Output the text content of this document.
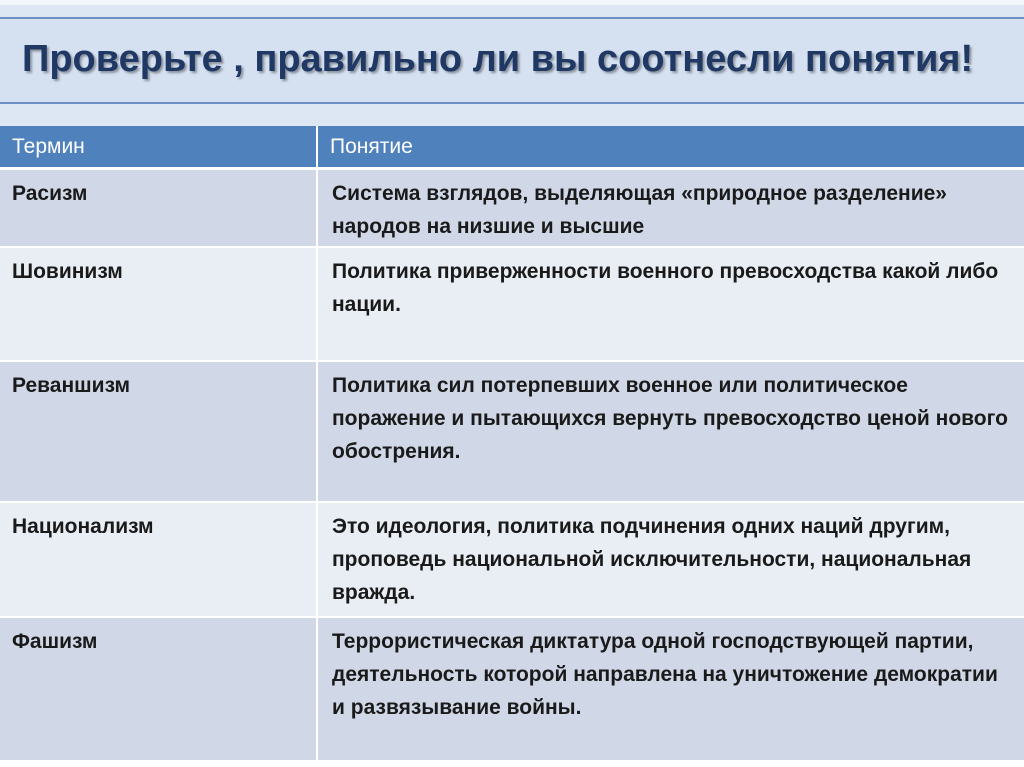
Проверьте , правильно ли вы соотнесли понятия!
Термин	Понятие
Расизм	Система взглядов, выделяющая «природное разделение» народов на низшие и высшие
Шовинизм	Политика приверженности военного превосходства какой либо нации.
Реваншизм	Политика сил потерпевших военное или политическое поражение и пытающихся вернуть превосходство ценой нового обострения.
Национализм	Это идеология, политика подчинения одних наций другим, проповедь национальной исключительности, национальная вражда.
Фашизм	Террористическая диктатура одной господствующей партии, деятельность которой направлена на уничтожение демократии и развязывание войны.
